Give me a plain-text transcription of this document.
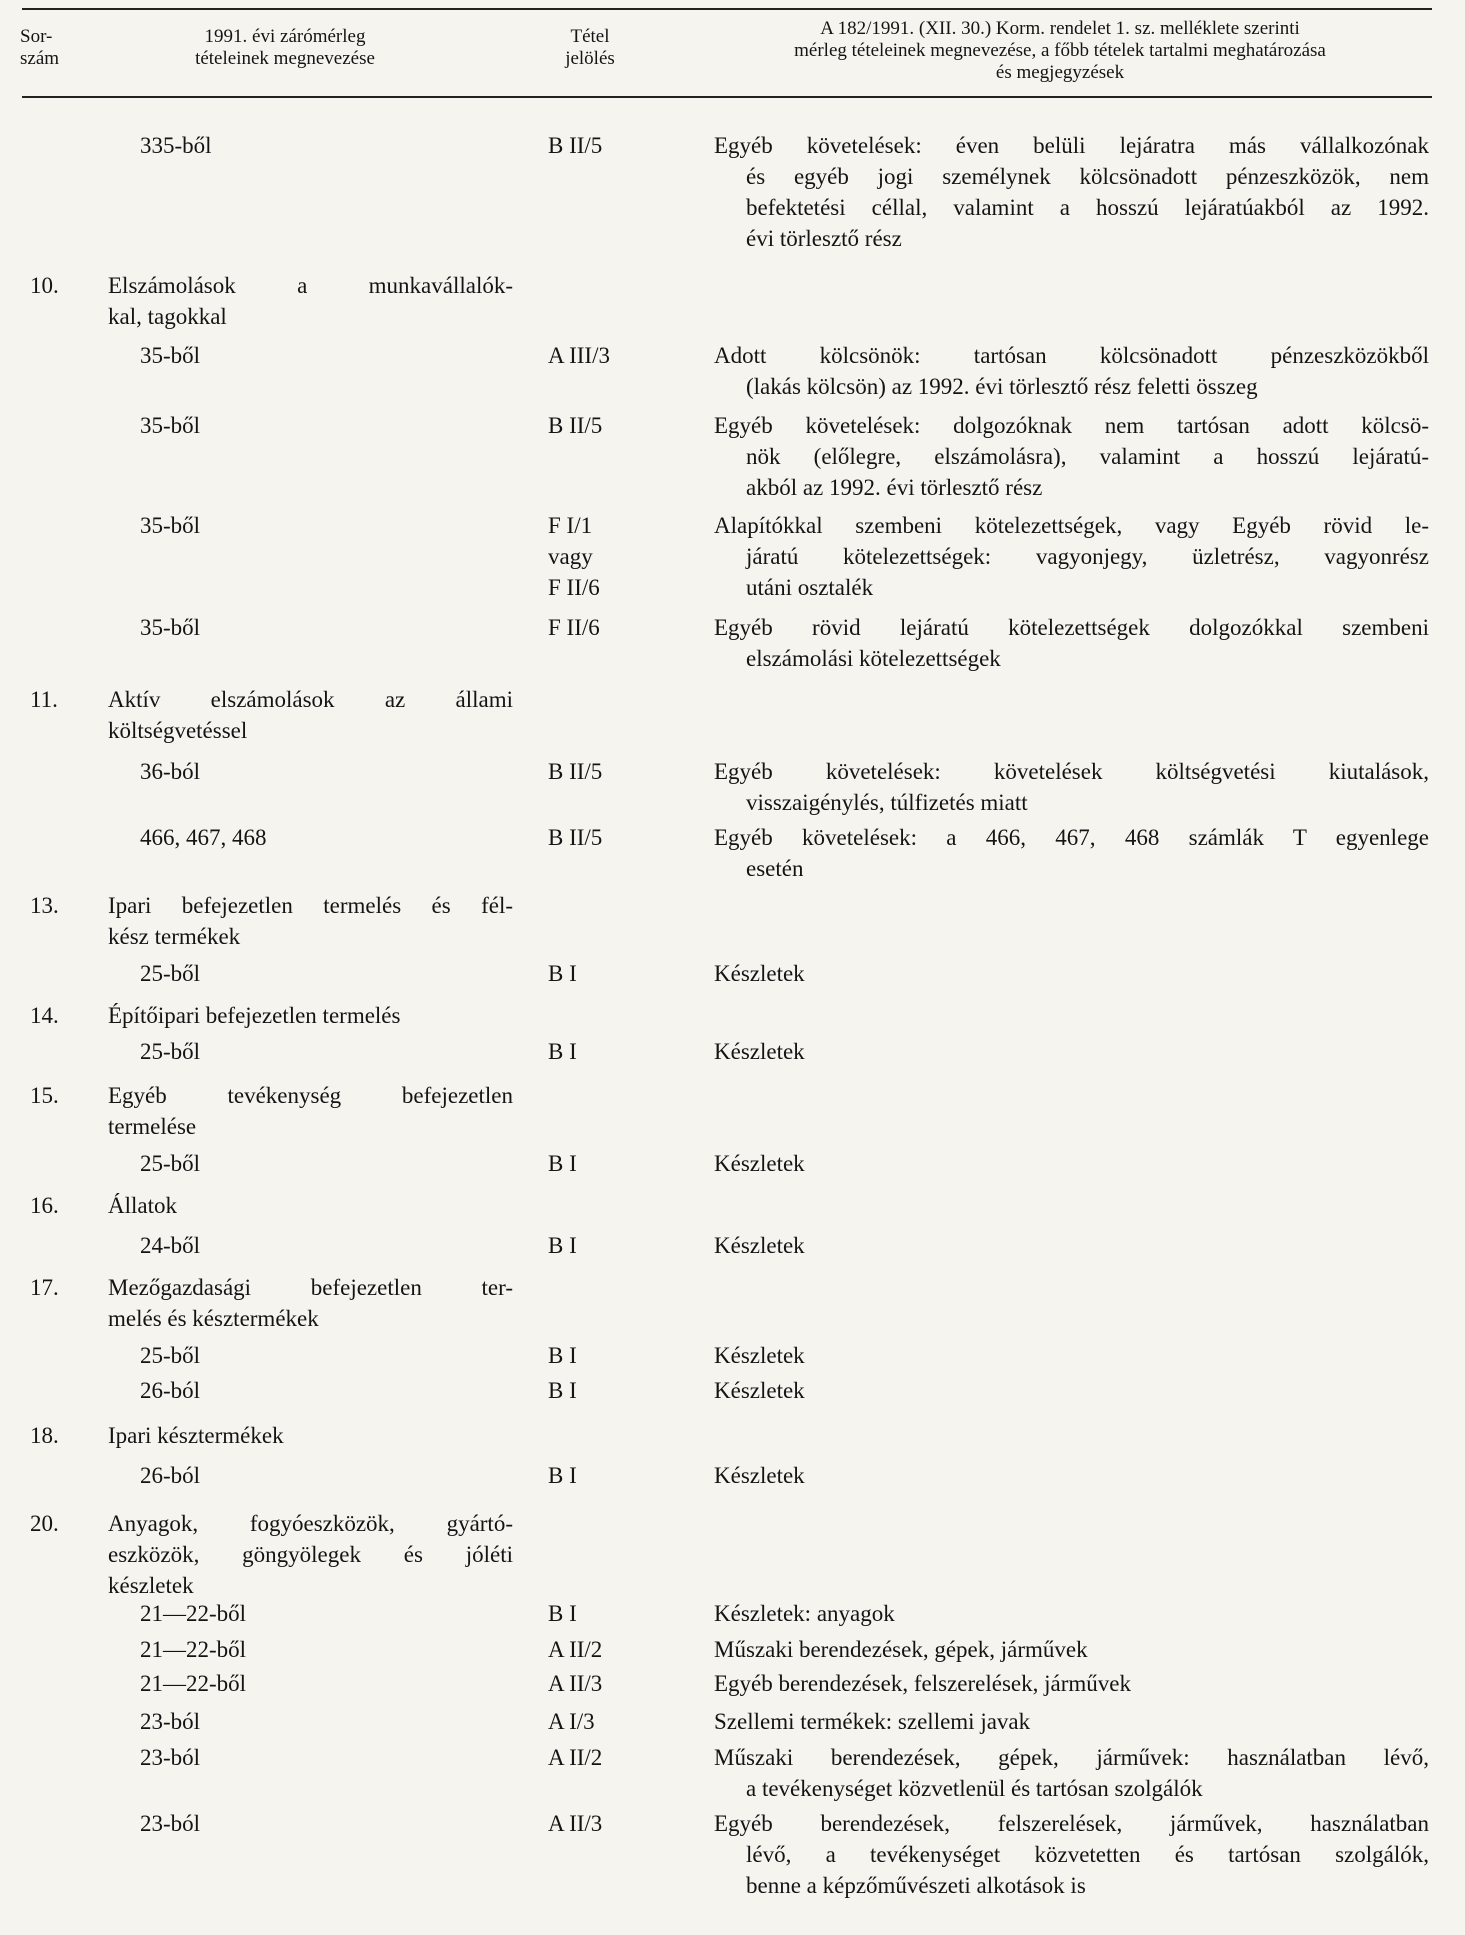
Sor-
szám
1991. évi zárómérleg
tételeinek megnevezése
Tétel
jelölés
A 182/1991. (XII. 30.) Korm. rendelet 1. sz. melléklete szerinti
mérleg tételeinek megnevezése, a főbb tételek tartalmi meghatározása
és megjegyzések
335-ből	B II/5	Egyéb követelések: éven belüli lejáratra más vállalkozónak
és egyéb jogi személynek kölcsönadott pénzeszközök, nem
befektetési céllal, valamint a hosszú lejáratúakból az 1992.
évi törlesztő rész
10.	Elszámolások a munkavállalók-
kal, tagokkal
35-ből	A III/3	Adott kölcsönök: tartósan kölcsönadott pénzeszközökből
(lakás kölcsön) az 1992. évi törlesztő rész feletti összeg
35-ből	B II/5	Egyéb követelések: dolgozóknak nem tartósan adott kölcsö-
nök (előlegre, elszámolásra), valamint a hosszú lejáratú-
akból az 1992. évi törlesztő rész
35-ből	F I/1
vagy
F II/6
Alapítókkal szembeni kötelezettségek, vagy Egyéb rövid le-
járatú kötelezettségek: vagyonjegy, üzletrész, vagyonrész
utáni osztalék
35-ből	F II/6	Egyéb rövid lejáratú kötelezettségek dolgozókkal szembeni
elszámolási kötelezettségek
11.	Aktív elszámolások az állami
költségvetéssel
36-ból	B II/5	Egyéb követelések: követelések költségvetési kiutalások,
visszaigénylés, túlfizetés miatt
466, 467, 468	B II/5	Egyéb követelések: a 466, 467, 468 számlák T egyenlege
esetén
13.	Ipari befejezetlen termelés és fél-
kész termékek
25-ből	B I	Készletek
14.	Építőipari befejezetlen termelés
25-ből	B I	Készletek
15.	Egyéb tevékenység befejezetlen
termelése
25-ből	B I	Készletek
16.	Állatok
24-ből	B I	Készletek
17.	Mezőgazdasági befejezetlen ter-
melés és késztermékek
25-ből	B I	Készletek
26-ból	B I	Készletek
18.	Ipari késztermékek
26-ból	B I	Készletek
20.	Anyagok, fogyóeszközök, gyártó-
eszközök, göngyölegek és jóléti
készletek
21—22-ből	B I	Készletek: anyagok
21—22-ből	A II/2	Műszaki berendezések, gépek, járművek
21—22-ből	A II/3	Egyéb berendezések, felszerelések, járművek
23-ból	A I/3	Szellemi termékek: szellemi javak
23-ból	A II/2	Műszaki berendezések, gépek, járművek: használatban lévő,
a tevékenységet közvetlenül és tartósan szolgálók
23-ból	A II/3	Egyéb berendezések, felszerelések, járművek, használatban
lévő, a tevékenységet közvetetten és tartósan szolgálók,
benne a képzőművészeti alkotások is
